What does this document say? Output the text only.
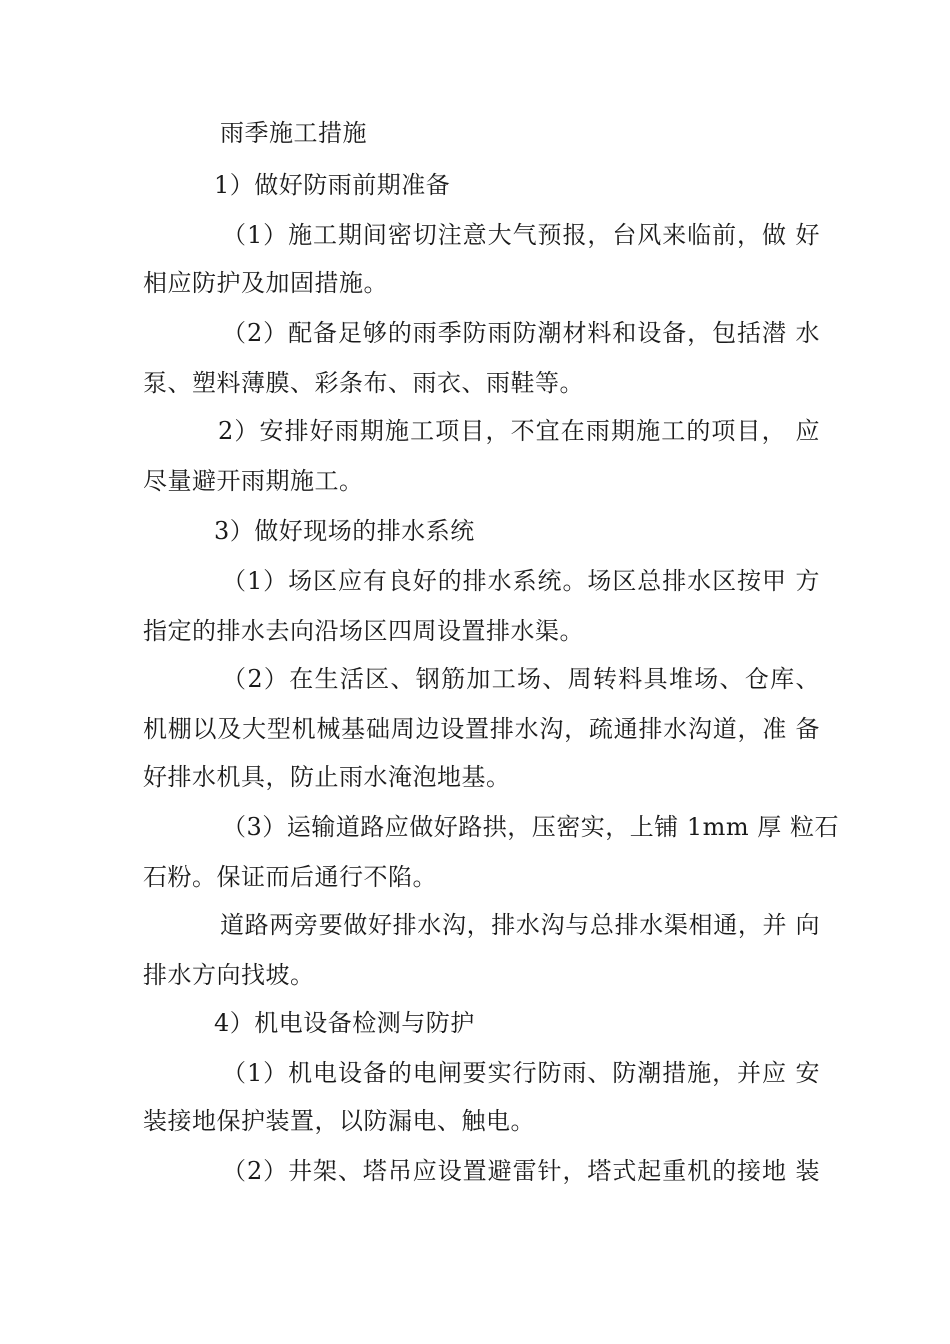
雨季施工措施
1）做好防雨前期准备
（1）施工期间密切注意大气预报，台风来临前，做 好
相应防护及加固措施。
（2）配备足够的雨季防雨防潮材料和设备，包括潜 水
泵、塑料薄膜、彩条布、雨衣、雨鞋等。
2）安排好雨期施工项目，不宜在雨期施工的项目， 应
尽量避开雨期施工。
3）做好现场的排水系统
（1）场区应有良好的排水系统。场区总排水区按甲 方
指定的排水去向沿场区四周设置排水渠。
（2）在生活区、钢筋加工场、周转料具堆场、仓库、
机棚以及大型机械基础周边设置排水沟，疏通排水沟道，准 备
好排水机具，防止雨水淹泡地基。
（3）运输道路应做好路拱，压密实，上铺 1mm 厚 粒石
石粉。保证而后通行不陷。
道路两旁要做好排水沟，排水沟与总排水渠相通，并 向
排水方向找坡。
4）机电设备检测与防护
（1）机电设备的电闸要实行防雨、防潮措施，并应 安
装接地保护装置，以防漏电、触电。
（2）井架、塔吊应设置避雷针，塔式起重机的接地 装
